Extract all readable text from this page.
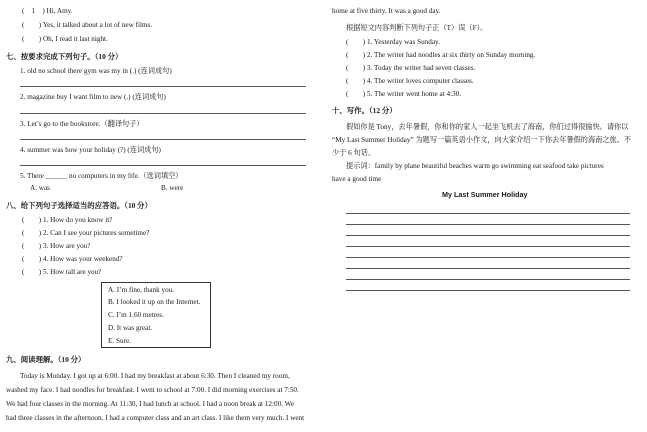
(　1　) Hi, Amy.
(　　) Yes, it talked about a lot of new films.
(　　) Oh, I read it last night.
七、按要求完成下列句子。（10 分）
1. old no school there gym was my in (.) (连词成句)
2. magazine buy I want film to new (.) (连词成句)
3. Let’s go to the bookstore.（翻译句子）
4. summer was how your holiday (?) (连词成句)
5. There ______ no computers in my life.（选词填空）
A. was	B. were
八、给下列句子选择适当的应答语。（10 分）
(　　) 1. How do you know it?
(　　) 2. Can I see your pictures sometime?
(　　) 3. How are you?
(　　) 4. How was your weekend?
(　　) 5. How tall are you?
A. I’m fine, thank you.
B. I looked it up on the Internet.
C. I’m 1.60 metres.
D. It was great.
E. Sure.
九、阅读理解。（10 分）
Today is Monday. I got up at 6:00. I had my breakfast at about 6:30. Then I cleaned my room,
washed my face. I had noodles for breakfast. I went to school at 7:00. I did morning exercises at 7:50.
We had four classes in the morning. At 11:30, I had lunch at school. I had a noon break at 12:00. We
had three classes in the afternoon. I had a computer class and an art class. I like them very much. I went
home at five thirty. It was a good day.
根据短文内容判断下列句子正（T）误（F）。
(　　) 1. Yesterday was Sunday.
(　　) 2. The writer had noodles at six thirty on Sunday morning.
(　　) 3. Today the writer had seven classes.
(　　) 4. The writer loves computer classes.
(　　) 5. The writer went home at 4:30.
十、写作。（12 分）
假如你是 Tony，去年暑假，你和你的家人一起坐飞机去了海南，你们过得很愉快。请你以
“My Last Summer Holiday” 为题写一篇英语小作文，向大家介绍一下你去年暑假的海南之旅。不
少于 6 句话。
提示词：family by plane beautiful beaches warm go swimming eat seafood take pictures
have a good time
My Last Summer Holiday
